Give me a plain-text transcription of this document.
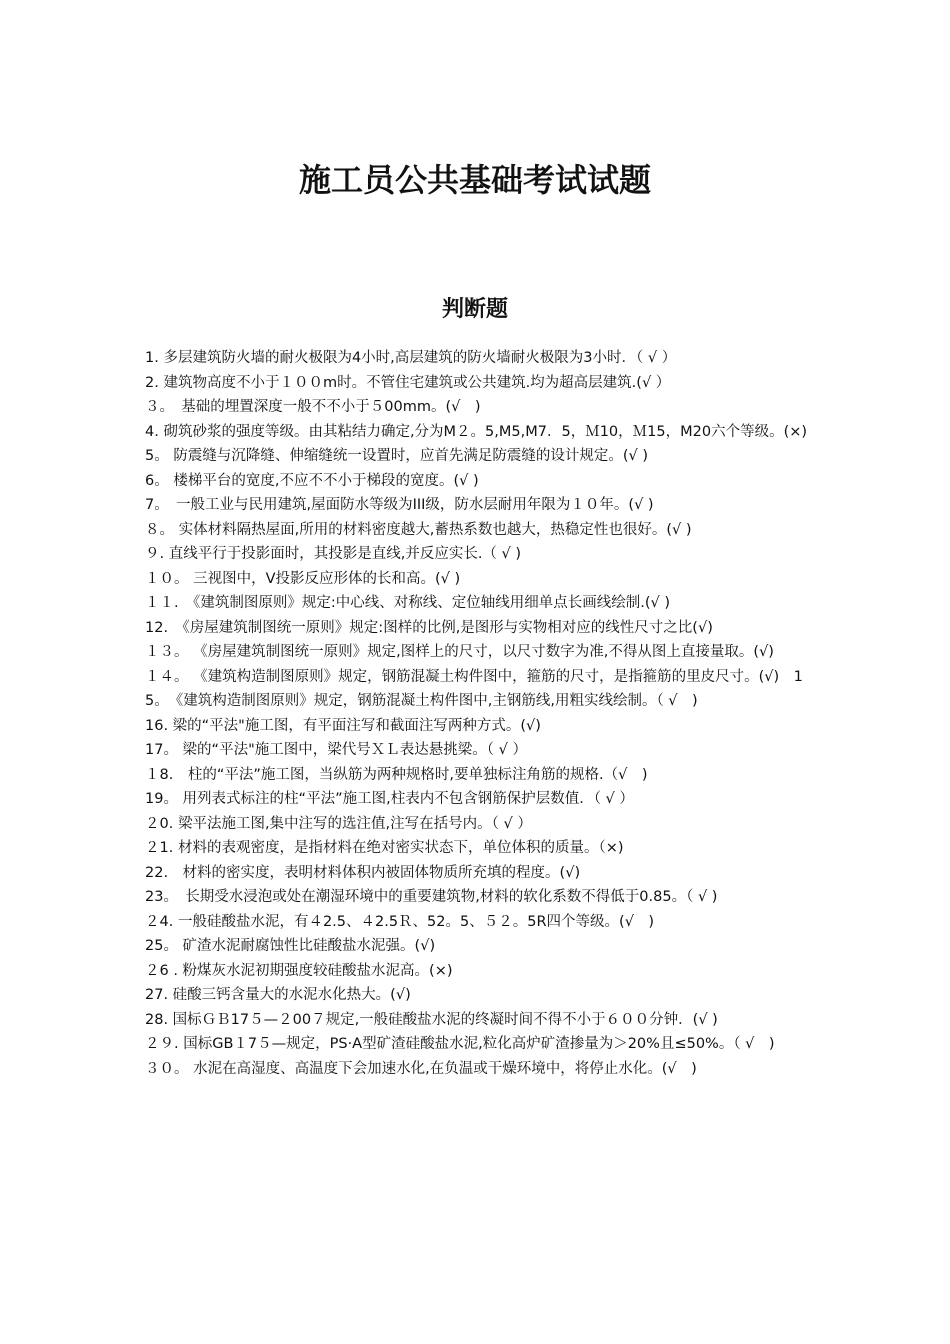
施工员公共基础考试试题
判断题

1. 多层建筑防火墙的耐火极限为4小时,高层建筑的防火墙耐火极限为3小时．（ √ ）

2. 建筑物高度不小于１００m时。不管住宅建筑或公共建筑.均为超高层建筑.(√ ）

３。　基础的埋置深度一般不不小于５00mm。(√　)

4. 砌筑砂浆的强度等级。由其粘结力确定,分为M２。5,M5,M7．5，Ｍ10，Ｍ15，M20六个等级。(×)　5。 防震缝与沉降缝、伸缩缝统一设置时，应首先满足防震缝的设计规定。(√ )

6。 楼梯平台的宽度,不应不不小于梯段的宽度。(√ )

7。　一般工业与民用建筑,屋面防水等级为III级，防水层耐用年限为１０年。(√ )

８。 实体材料隔热屋面,所用的材料密度越大,蓄热系数也越大，热稳定性也很好。(√ )

９. 直线平行于投影面时，其投影是直线,并反应实长.（ √ )

１０。 三视图中，V投影反应形体的长和高。(√ )

１１.　《建筑制图原则》规定:中心线、对称线、定位轴线用细单点长画线绘制.(√ )

12.　《房屋建筑制图统一原则》规定:图样的比例,是图形与实物相对应的线性尺寸之比(√)

１３。 《房屋建筑制图统一原则》规定,图样上的尺寸，以尺寸数字为准,不得从图上直接量取。(√)

１４。 《建筑构造制图原则》规定，钢筋混凝土构件图中，箍筋的尺寸，是指箍筋的里皮尺寸。(√)　15。　《建筑构造制图原则》规定，钢筋混凝土构件图中,主钢筋线,用粗实线绘制。（ √　)

16. 梁的“平法"施工图，有平面注写和截面注写两种方式。(√)

17。 梁的“平法"施工图中，梁代号ＸＬ表达悬挑梁。（ √ ）

１8.　柱的“平法”施工图，当纵筋为两种规格时,要单独标注角筋的规格.（√　)

19。 用列表式标注的柱“平法”施工图,柱表内不包含钢筋保护层数值．（ √ ）

２0. 梁平法施工图,集中注写的选注值,注写在括号内。（ √ ）

２1. 材料的表观密度，是指材料在绝对密实状态下，单位体积的质量。（×)

22.　材料的密实度，表明材料体积内被固体物质所充填的程度。(√)

23。　长期受水浸泡或处在潮湿环境中的重要建筑物,材料的软化系数不得低于0.85。（ √ )

２4. 一般硅酸盐水泥，有４2.5、４2.5Ｒ、52。5、５２。5R四个等级。(√　)

25。 矿渣水泥耐腐蚀性比硅酸盐水泥强。(√)

２6 . 粉煤灰水泥初期强度较硅酸盐水泥高。(×)

27. 硅酸三钙含量大的水泥水化热大。(√)

28. 国标ＧＢ17５—２00７规定,一般硅酸盐水泥的终凝时间不得不小于６００分钟．(√ )

２９. 国标GB１7５—规定，PS·A型矿渣硅酸盐水泥,粒化高炉矿渣掺量为＞20%且≤50%。（ √　)

３０。 水泥在高湿度、高温度下会加速水化,在负温或干燥环境中，将停止水化。(√　)
